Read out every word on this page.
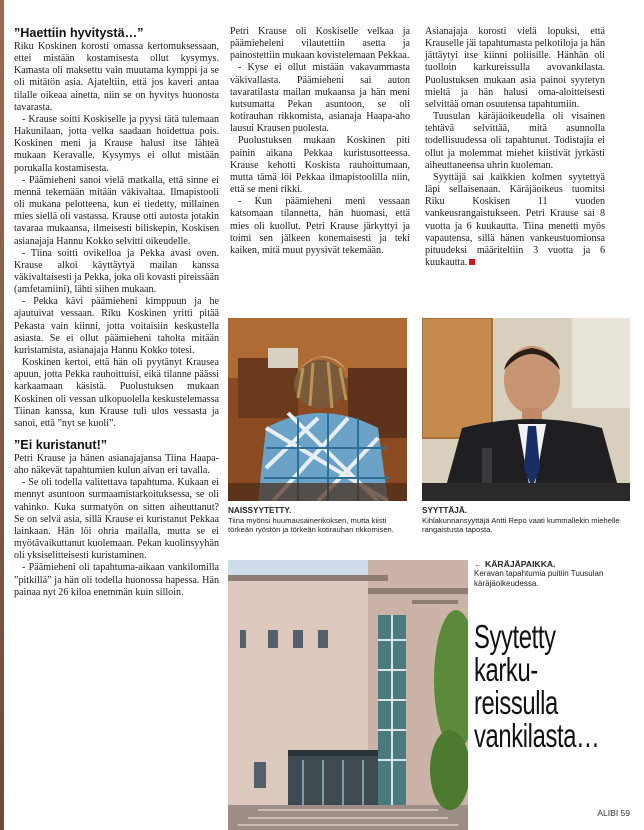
”Haettiin hyvitystä…”

Riku Koskinen korosti omassa kertomuksessaan, ettei mistään kostamisesta ollut kysymys. Kamasta oli maksettu vain muutama kymppi ja se oli mitätön asia. Ajateltiin, että jos kaveri antaa tilalle oikeaa ainetta, niin se on hyvitys huonosta tavarasta.

- Krause soitti Koskiselle ja pyysi tätä tulemaan Hakunilaan, jotta velka saadaan hoidettua pois. Koskinen meni ja Krause halusi itse lähteä mukaan Keravalle. Kysymys ei ollut mistään porukalla kostamisesta.

- Päämieheni sanoi vielä matkalla, että sinne ei mennä tekemään mitään väkivaltaa. Ilmapistooli oli mukana pelotteena, kun ei tiedetty, millainen mies siellä oli vastassa. Krause otti autosta jotakin tavaraa mukaansa, ilmeisesti biliskepin, Koskisen asianajaja Hannu Kokko selvitti oikeudelle.

- Tiina soitti ovikelloa ja Pekka avasi oven. Krause alkoi käyttäytyä mailan kanssa väkivaltaisesti ja Pekka, joka oli kovasti pireissään (amfetamiini), lähti siihen mukaan.

- Pekka kävi päämieheni kimppuun ja he ajautuivat vessaan. Riku Koskinen yritti pitää Pekasta vain kiinni, jotta voitaisiin keskustella asiasta. Se ei ollut päämieheni taholta mitään kuristamista, asianajaja Hannu Kokko totesi.

Koskinen kertoi, että hän oli pyytänyt Krausea apuun, jotta Pekka rauhoittuisi, eikä tilanne päässi karkaamaan käsistä. Puolustuksen mukaan Koskinen oli vessan ulkopuolella keskustelemassa Tiinan kanssa, kun Krause tuli ulos vessasta ja sanoi, että ”nyt se kuoli”.

”Ei kuristanut!”

Petri Krause ja hänen asianajajansa Tiina Haapa-aho näkevät tapahtumien kulun aivan eri tavalla.

- Se oli todella valitettava tapahtuma. Kukaan ei mennyt asuntoon surmaamistarkoituksessa, se oli vahinko. Kuka surmatyön on sitten aiheuttanut? Se on selvä asia, sillä Krause ei kuristanut Pekkaa lainkaan. Hän löi ohria mailalla, mutta se ei myötävaikuttanut kuolemaan. Pekan kuolinsyyhän oli yksiselitteisesti kuristaminen.

- Päämieheni oli tapahtuma-aikaan vankilomilla ”pitkillä” ja hän oli todella huonossa hapessa. Hän painaa nyt 26 kiloa enemmän kuin silloin.

Petri Krause oli Koskiselle velkaa ja päämieheleni vilautettiin asetta ja painostettiin mukaan kovistelemaan Pekkaa.

- Kyse ei ollut mistään vakavammasta väkivallasta. Päämieheni sai auton tavaratilasta mailan mukaansa ja hän meni kutsumatta Pekan asuntoon, se oli kotirauhan rikkomista, asianaja Haapa-aho lausui Krausen puolesta.

Puolustuksen mukaan Koskinen piti painin aikana Pekkaa kuristusotteessa. Krause kehotti Koskista rauhoittumaan, mutta tämä löi Pekkaa ilmapistoolilla niin, että se meni rikki.

- Kun päämieheni meni vessaan katsomaan tilannetta, hän huomasi, että mies oli kuollut. Petri Krause järkyttyi ja toimi sen jälkeen konemaisesti ja teki kaiken, mitä muut pyysivät tekemään.

Asianajaja korosti vielä lopuksi, että Krauselle jäi tapahtumasta pelkotiloja ja hän jättäytyi itse kiinni poliisille. Hänhän oli tuolloin karkureissulla avovankilasta. Puolustuksen mukaan asia painoi syytetyn mieltä ja hän halusi oma-aloitteisesti selvittää oman osuutensa tapahtumiin.

Tuusulan käräjäoikeudella oli visainen tehtävä selvittää, mitä asunnolla todellisuudessa oli tapahtunut. Todistajia ei ollut ja molemmat miehet kiistivät jyrkästi aiheuttaneensa uhrin kuoleman.

Syyttäjä sai kaikkien kolmen syytettyä läpi sellaisenaan. Käräjäoikeus tuomitsi Riku Koskisen 11 vuoden vankeusrangaistukseen. Petri Krause sai 8 vuotta ja 6 kuukautta. Tiina menetti myös vapautensa, sillä hänen vankeustuomionsa pituudeksi määriteltiin 3 vuotta ja 6 kuukautta.

NAISSYYTETTY.
Tiina myönsi huumausainerikoksen, mutta kiisti törkeän ryöstön ja törkeän kotirauhan rikkomisen.
SYYTTÄJÄ.
Kihlakunnansyyttäjä Antti Repo vaati kummallekin miehelle rangaistusta taposta.
← KÄRÄJÄPAIKKA.
Keravan tapahtumia puitiin Tuusulan käräjäoikeudessa.
Syytetty
karku-
reissulla
vankilasta…
ALIBI 59
